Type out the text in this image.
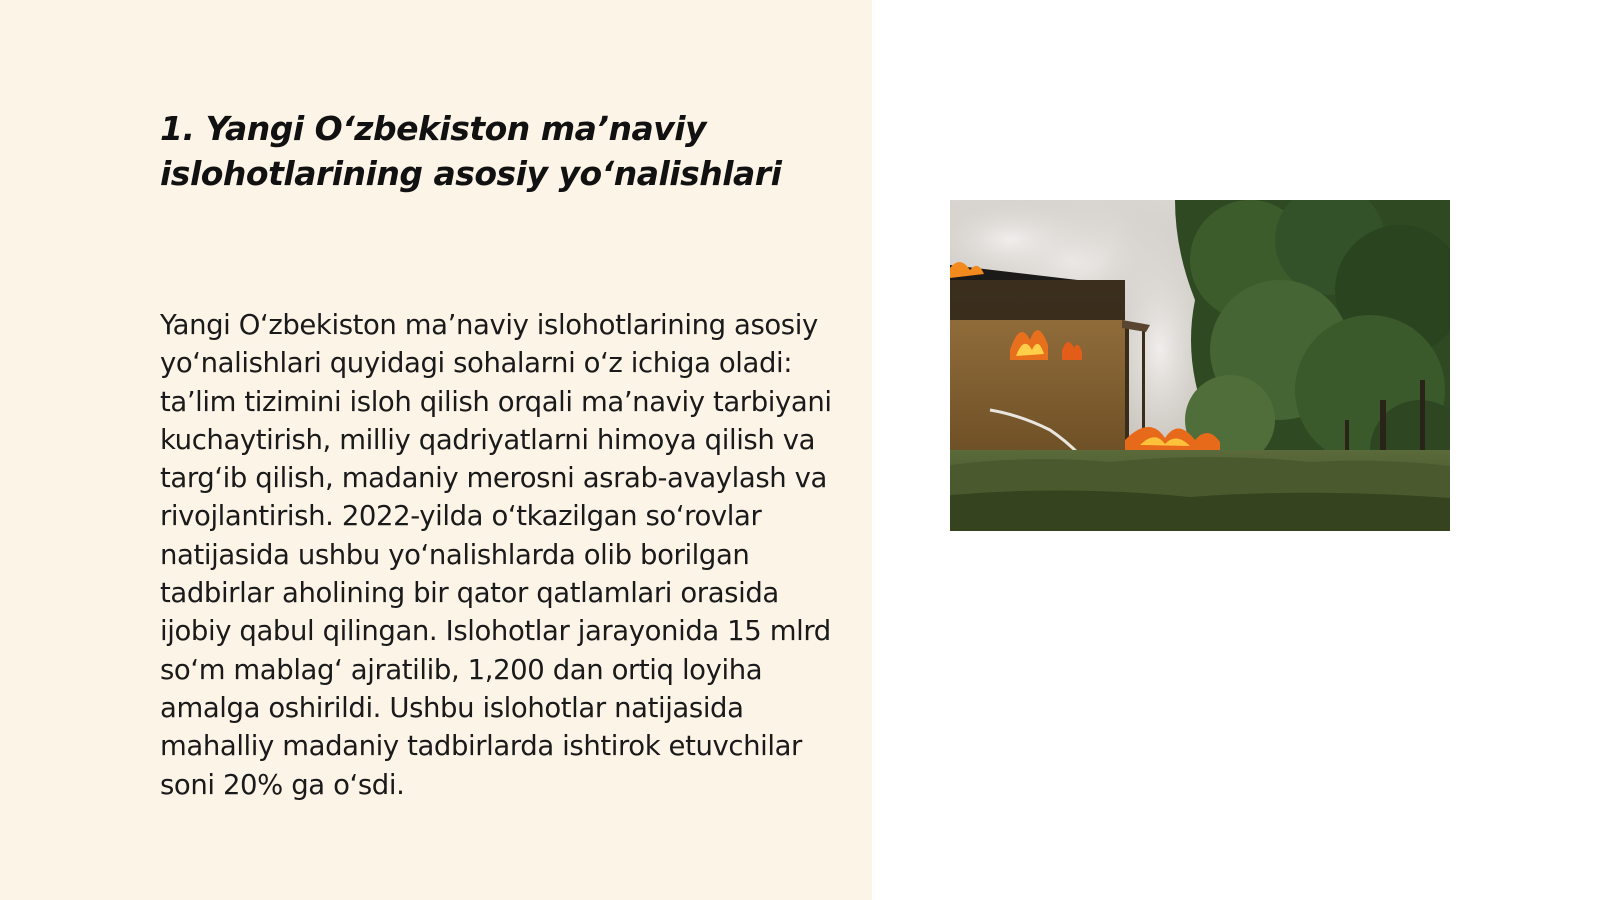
1. Yangi O‘zbekiston ma’naviy islohotlarining asosiy yo‘nalishlari

Yangi O‘zbekiston ma’naviy islohotlarining asosiy yo‘nalishlari quyidagi sohalarni o‘z ichiga oladi: ta’lim tizimini isloh qilish orqali ma’naviy tarbiyani kuchaytirish, milliy qadriyatlarni himoya qilish va targ‘ib qilish, madaniy merosni asrab-avaylash va rivojlantirish. 2022-yilda o‘tkazilgan so‘rovlar natijasida ushbu yo‘nalishlarda olib borilgan tadbirlar aholining bir qator qatlamlari orasida ijobiy qabul qilingan. Islohotlar jarayonida 15 mlrd so‘m mablag‘ ajratilib, 1,200 dan ortiq loyiha amalga oshirildi. Ushbu islohotlar natijasida mahalliy madaniy tadbirlarda ishtirok etuvchilar soni 20% ga o‘sdi.
